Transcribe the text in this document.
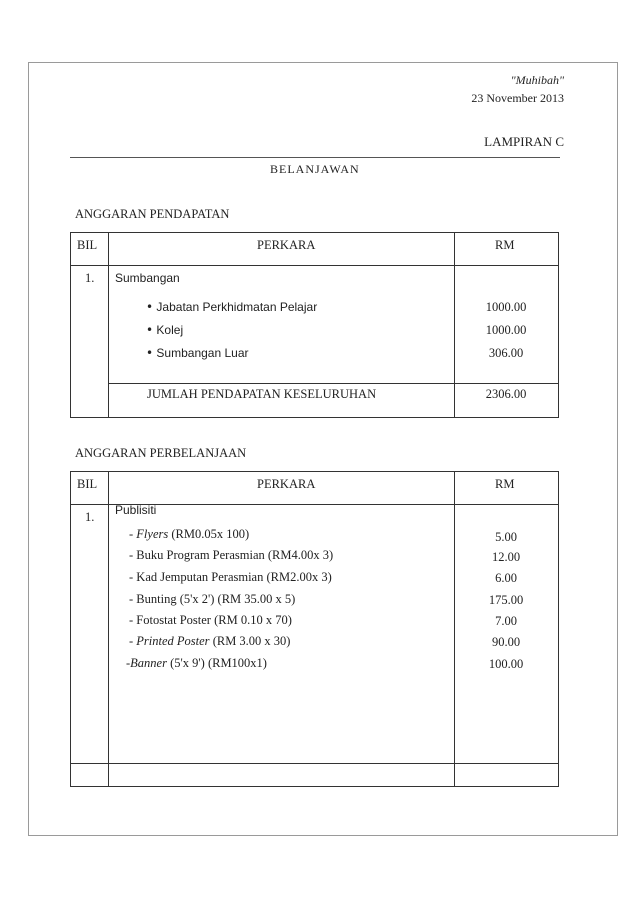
"Muhibah"
23 November 2013
LAMPIRAN C
BELANJAWAN
ANGGARAN PENDAPATAN
BIL	PERKARA	RM
1. Sumbangan
• Jabatan Perkhidmatan Pelajar	1000.00
• Kolej	1000.00
• Sumbangan Luar	306.00
JUMLAH PENDAPATAN KESELURUHAN	2306.00
ANGGARAN PERBELANJAAN
BIL	PERKARA	RM
1. Publisiti
- Flyers (RM0.05x 100)	5.00
- Buku Program Perasmian (RM4.00x 3)	12.00
- Kad Jemputan Perasmian (RM2.00x 3)	6.00
- Bunting (5'x 2') (RM 35.00 x 5)	175.00
- Fotostat Poster (RM 0.10 x 70)	7.00
- Printed Poster (RM 3.00 x 30)	90.00
-Banner (5'x 9') (RM100x1)	100.00
